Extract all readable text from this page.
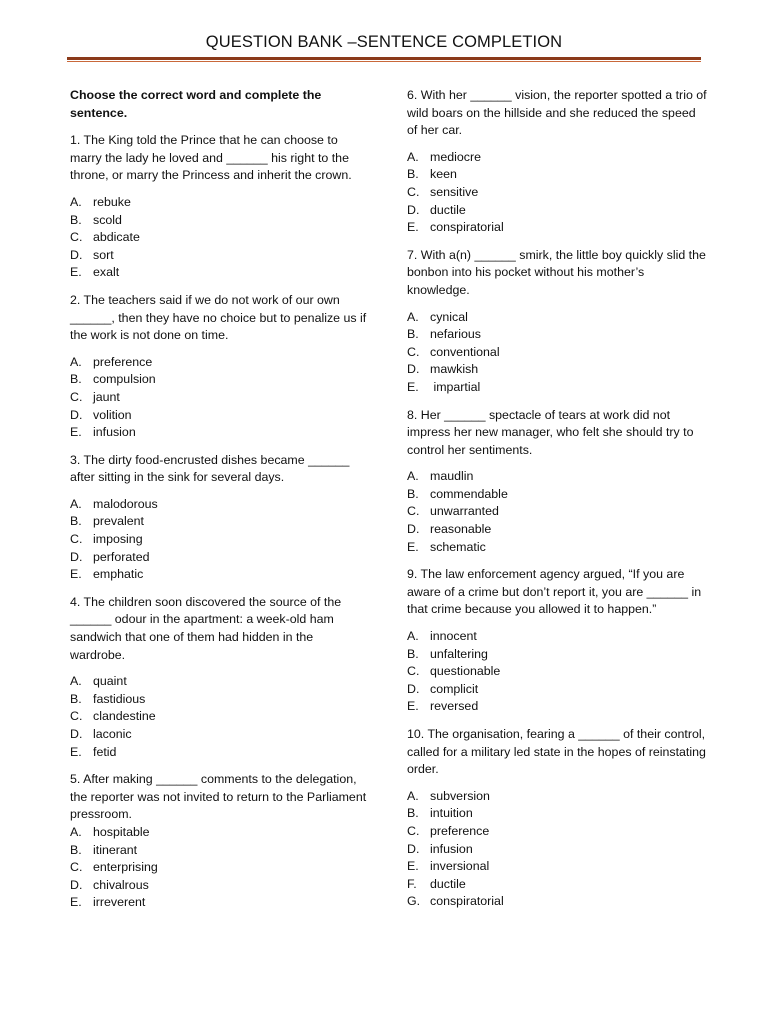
QUESTION BANK –SENTENCE COMPLETION

Choose the correct word and complete the sentence.

1. The King told the Prince that he can choose to marry the lady he loved and ______ his right to the throne, or marry the Princess and inherit the crown.

A. rebuke
B. scold
C. abdicate
D. sort
E. exalt

2. The teachers said if we do not work of our own ______, then they have no choice but to penalize us if the work is not done on time.

A. preference
B. compulsion
C. jaunt
D. volition
E. infusion

3. The dirty food-encrusted dishes became ______ after sitting in the sink for several days.

A. malodorous
B. prevalent
C. imposing
D. perforated
E. emphatic

4. The children soon discovered the source of the ______ odour in the apartment: a week-old ham sandwich that one of them had hidden in the wardrobe.

A. quaint
B. fastidious
C. clandestine
D. laconic
E. fetid

5. After making ______ comments to the delegation, the reporter was not invited to return to the Parliament pressroom.

A. hospitable
B. itinerant
C. enterprising
D. chivalrous
E. irreverent

6. With her ______ vision, the reporter spotted a trio of wild boars on the hillside and she reduced the speed of her car.

A. mediocre
B. keen
C. sensitive
D. ductile
E. conspiratorial

7. With a(n) ______ smirk, the little boy quickly slid the bonbon into his pocket without his mother’s knowledge.

A. cynical
B. nefarious
C. conventional
D. mawkish
E. impartial

8. Her ______ spectacle of tears at work did not impress her new manager, who felt she should try to control her sentiments.

A. maudlin
B. commendable
C. unwarranted
D. reasonable
E. schematic

9. The law enforcement agency argued, “If you are aware of a crime but don’t report it, you are ______ in that crime because you allowed it to happen.”

A. innocent
B. unfaltering
C. questionable
D. complicit
E. reversed

10. The organisation, fearing a ______ of their control, called for a military led state in the hopes of reinstating order.

A. subversion
B. intuition
C. preference
D. infusion
E. inversional
F.	ductile
G. conspiratorial
